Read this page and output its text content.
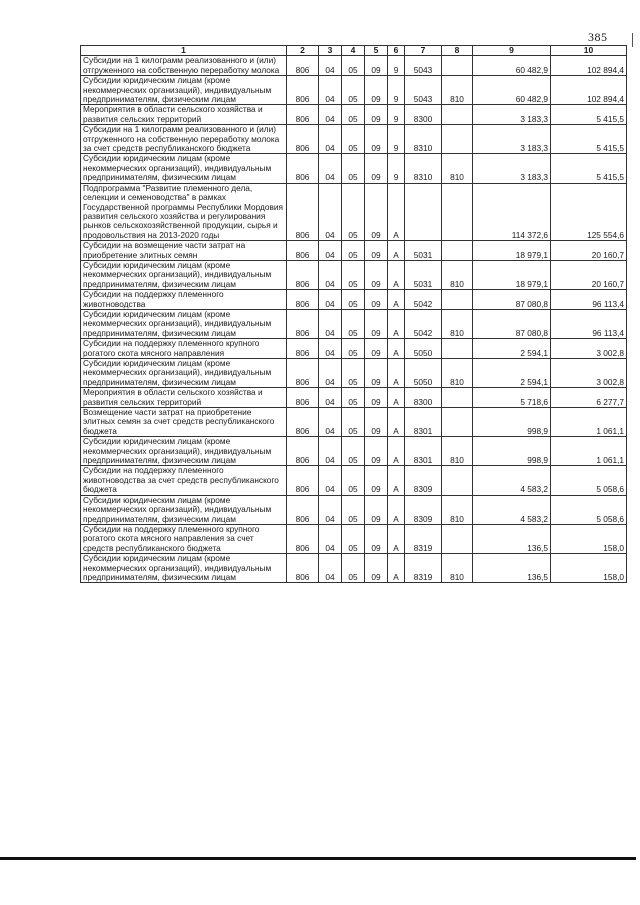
385
1	2	3	4	5	6	7	8	9	10
Субсидии на 1 килограмм реализованного и (или) отгруженного на собственную переработку молока	806	04	05	09	9	5043		60 482,9	102 894,4
Субсидии юридическим лицам (кроме некоммерческих организаций), индивидуальным предпринимателям, физическим лицам	806	04	05	09	9	5043	810	60 482,9	102 894,4
Мероприятия в области сельского хозяйства и развития сельских территорий	806	04	05	09	9	8300		3 183,3	5 415,5
Субсидии на 1 килограмм реализованного и (или) отгруженного на собственную переработку молока за счет средств республиканского бюджета	806	04	05	09	9	8310		3 183,3	5 415,5
Субсидии юридическим лицам (кроме некоммерческих организаций), индивидуальным предпринимателям, физическим лицам	806	04	05	09	9	8310	810	3 183,3	5 415,5
Подпрограмма "Развитие племенного дела, селекции и семеноводства" в рамках Государственной программы Республики Мордовия развития сельского хозяйства и регулирования рынков сельскохозяйственной продукции, сырья и продовольствия на 2013-2020 годы	806	04	05	09	А			114 372,6	125 554,6
Субсидии на возмещение части затрат на приобретение элитных семян	806	04	05	09	А	5031		18 979,1	20 160,7
Субсидии юридическим лицам (кроме некоммерческих организаций), индивидуальным предпринимателям, физическим лицам	806	04	05	09	А	5031	810	18 979,1	20 160,7
Субсидии на поддержку племенного животноводства	806	04	05	09	А	5042		87 080,8	96 113,4
Субсидии юридическим лицам (кроме некоммерческих организаций), индивидуальным предпринимателям, физическим лицам	806	04	05	09	А	5042	810	87 080,8	96 113,4
Субсидии на поддержку племенного крупного рогатого скота мясного направления	806	04	05	09	А	5050		2 594,1	3 002,8
Субсидии юридическим лицам (кроме некоммерческих организаций), индивидуальным предпринимателям, физическим лицам	806	04	05	09	А	5050	810	2 594,1	3 002,8
Мероприятия в области сельского хозяйства и развития сельских территорий	806	04	05	09	А	8300		5 718,6	6 277,7
Возмещение части затрат на приобретение элитных семян за счет средств республиканского бюджета	806	04	05	09	А	8301		998,9	1 061,1
Субсидии юридическим лицам (кроме некоммерческих организаций), индивидуальным предпринимателям, физическим лицам	806	04	05	09	А	8301	810	998,9	1 061,1
Субсидии на поддержку племенного животноводства за счет средств республиканского бюджета	806	04	05	09	А	8309		4 583,2	5 058,6
Субсидии юридическим лицам (кроме некоммерческих организаций), индивидуальным предпринимателям, физическим лицам	806	04	05	09	А	8309	810	4 583,2	5 058,6
Субсидии на поддержку племенного крупного рогатого скота мясного направления за счет средств республиканского бюджета	806	04	05	09	А	8319		136,5	158,0
Субсидии юридическим лицам (кроме некоммерческих организаций), индивидуальным предпринимателям, физическим лицам	806	04	05	09	А	8319	810	136,5	158,0
